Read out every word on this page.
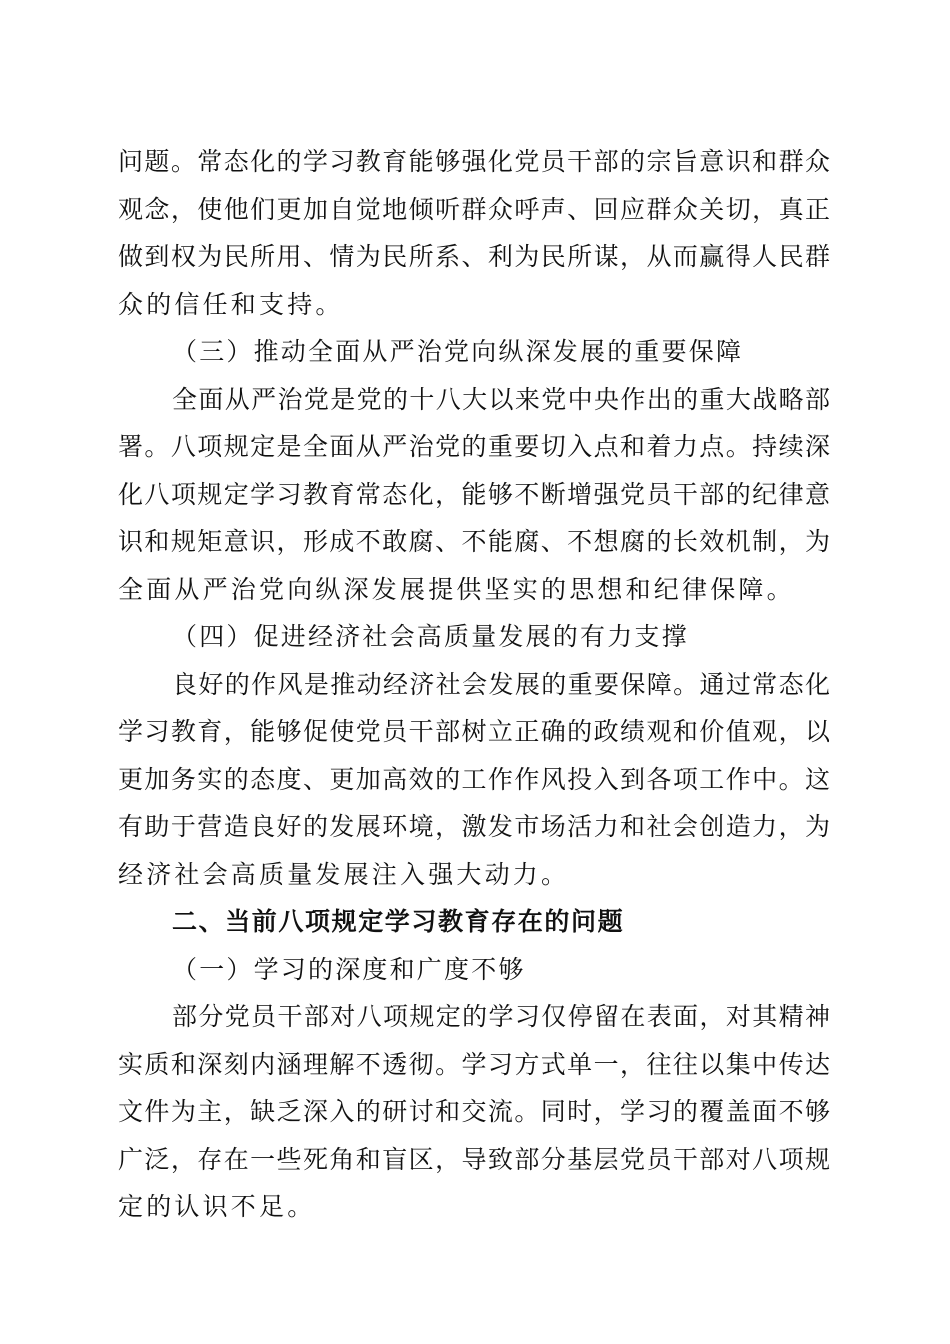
问题。常态化的学习教育能够强化党员干部的宗旨意识和群众
观念，使他们更加自觉地倾听群众呼声、回应群众关切，真正
做到权为民所用、情为民所系、利为民所谋，从而赢得人民群
众的信任和支持。
（三）推动全面从严治党向纵深发展的重要保障
全面从严治党是党的十八大以来党中央作出的重大战略部
署。八项规定是全面从严治党的重要切入点和着力点。持续深
化八项规定学习教育常态化，能够不断增强党员干部的纪律意
识和规矩意识，形成不敢腐、不能腐、不想腐的长效机制，为
全面从严治党向纵深发展提供坚实的思想和纪律保障。
（四）促进经济社会高质量发展的有力支撑
良好的作风是推动经济社会发展的重要保障。通过常态化
学习教育，能够促使党员干部树立正确的政绩观和价值观，以
更加务实的态度、更加高效的工作作风投入到各项工作中。这
有助于营造良好的发展环境，激发市场活力和社会创造力，为
经济社会高质量发展注入强大动力。
二、当前八项规定学习教育存在的问题
（一）学习的深度和广度不够
部分党员干部对八项规定的学习仅停留在表面，对其精神
实质和深刻内涵理解不透彻。学习方式单一，往往以集中传达
文件为主，缺乏深入的研讨和交流。同时，学习的覆盖面不够
广泛，存在一些死角和盲区，导致部分基层党员干部对八项规
定的认识不足。
